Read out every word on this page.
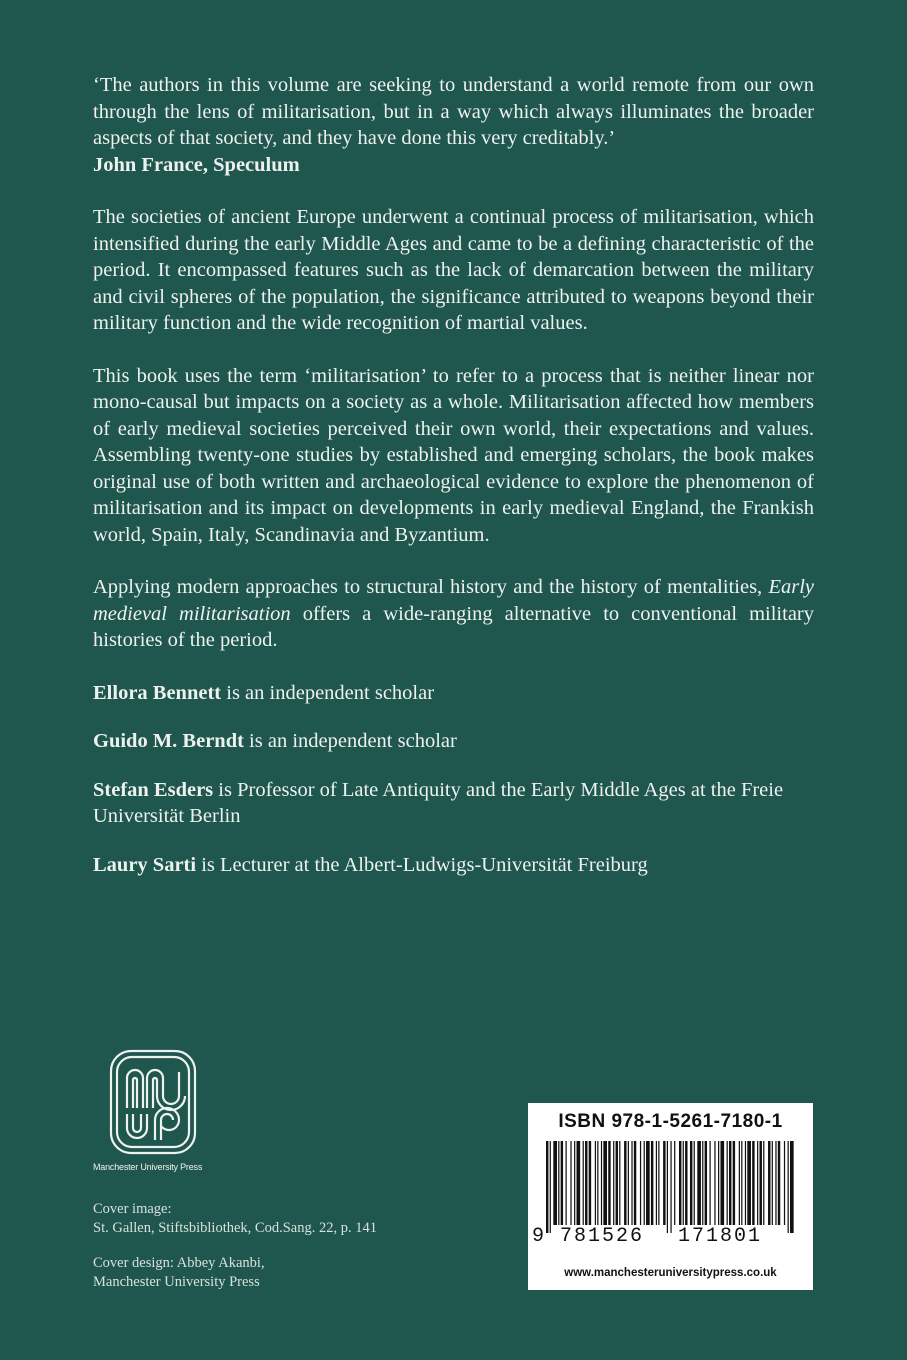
‘The authors in this volume are seeking to understand a world remote from our own through the lens of militarisation, but in a way which always illuminates the broader aspects of that society, and they have done this very creditably.’

John France, Speculum

The societies of ancient Europe underwent a continual process of militarisation, which intensified during the early Middle Ages and came to be a defining characteristic of the period. It encompassed features such as the lack of demarcation between the military and civil spheres of the population, the significance attributed to weapons beyond their military function and the wide recognition of martial values.

This book uses the term ‘militarisation’ to refer to a process that is neither linear nor mono-causal but impacts on a society as a whole. Militarisation affected how members of early medieval societies perceived their own world, their expectations and values. Assembling twenty-one studies by established and emerging scholars, the book makes original use of both written and archaeological evidence to explore the phenomenon of militarisation and its impact on developments in early medieval England, the Frankish world, Spain, Italy, Scandinavia and Byzantium.

Applying modern approaches to structural history and the history of mentalities, Early medieval militarisation offers a wide-ranging alternative to conventional military histories of the period.

Ellora Bennett is an independent scholar

Guido M. Berndt is an independent scholar

Stefan Esders is Professor of Late Antiquity and the Early Middle Ages at the Freie Universität Berlin

Laury Sarti is Lecturer at the Albert-Ludwigs-Universität Freiburg

Manchester University Press
Cover image:
St. Gallen, Stiftsbibliothek, Cod.Sang. 22, p. 141
Cover design: Abbey Akanbi,
Manchester University Press
ISBN 978-1-5261-7180-1
9 781526 171801
www.manchesteruniversitypress.co.uk
